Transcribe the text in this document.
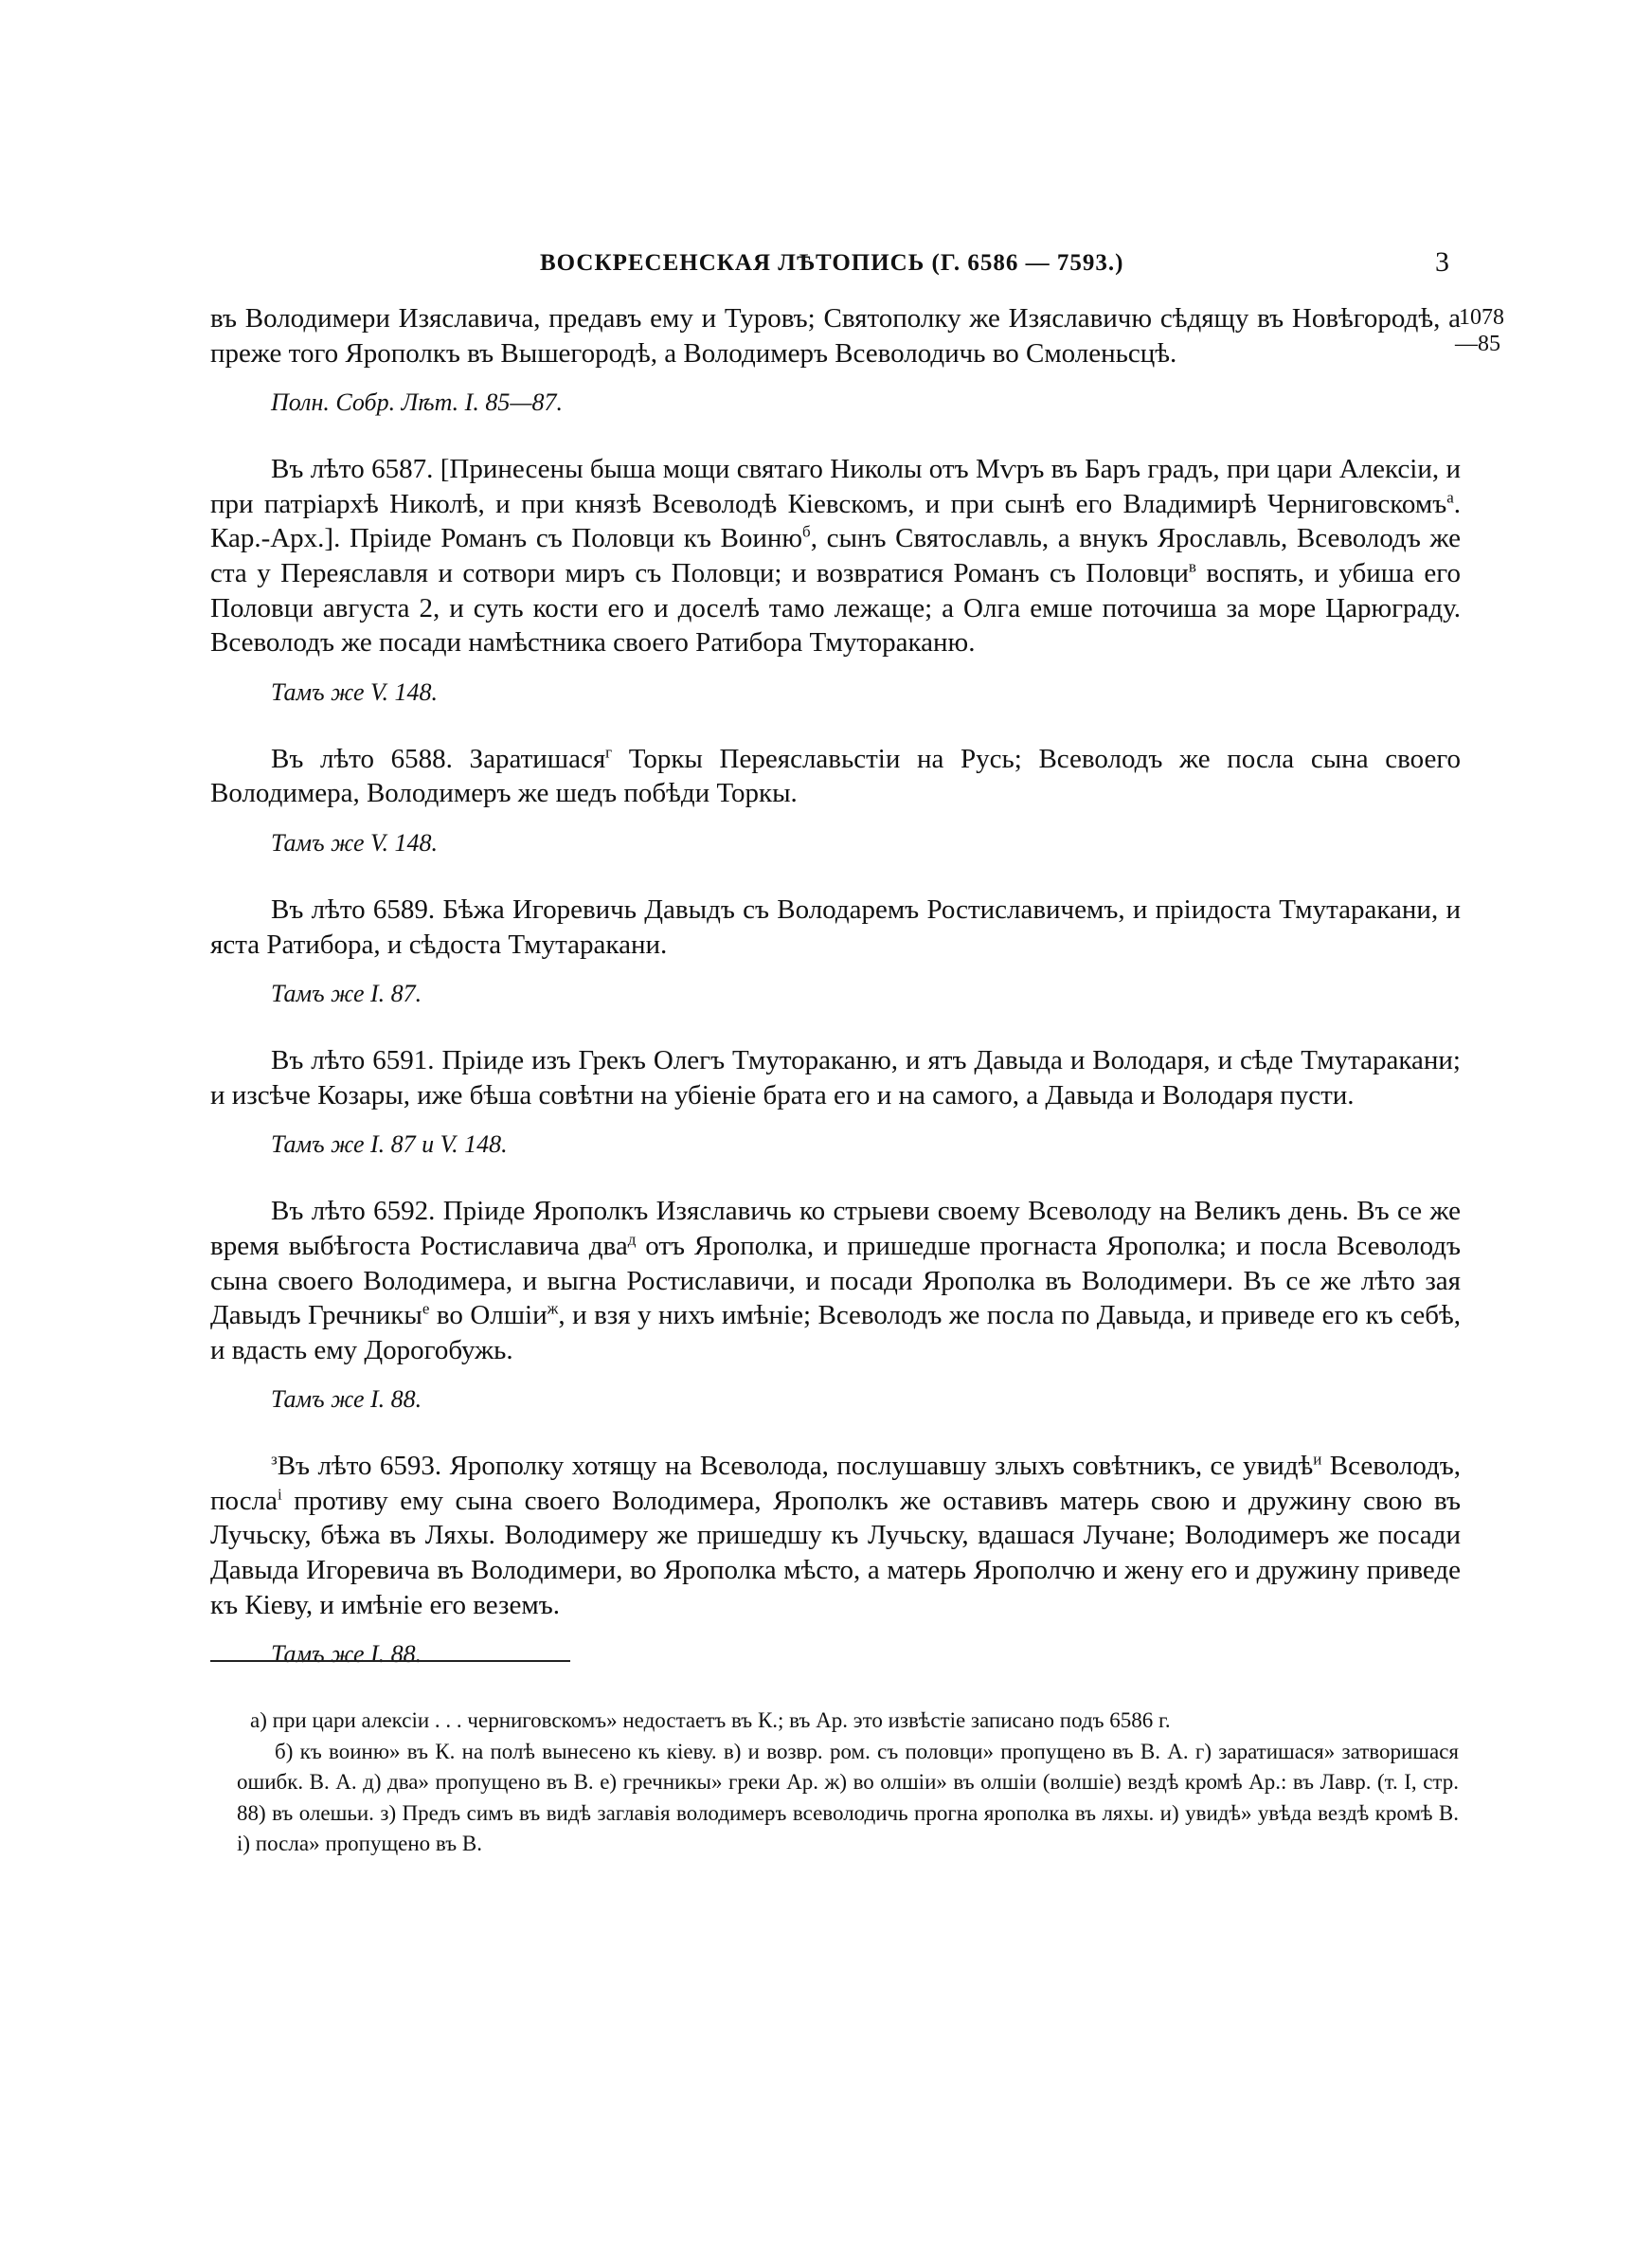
ВОСКРЕСЕНСКАЯ ЛѢТОПИСЬ (Г. 6586 — 7593.)	3
1078
—85

въ Володимери Изяславича, предавъ ему и Туровъ; Святополку же Изяславичю сѣдящу въ Новѣгородѣ, а преже того Ярополкъ въ Вышегородѣ, а Володимеръ Всеволодичь во Смоленьсцѣ.

Полн. Собр. Лѣт. I. 85—87.

Въ лѣто 6587. [Принесены быша мощи святаго Николы отъ Мѵръ въ Баръ градъ, при цари Алексіи, и при патріархѣ Николѣ, и при князѣ Всеволодѣ Кіевскомъ, и при сынѣ его Владимирѣ Черниговскомъ$^а$. Кар.-Арх.]. Пріиде Романъ съ Половци къ Воиню$^б$, сынъ Святославль, а внукъ Ярославль, Всеволодъ же ста у Переяславля и сотвори миръ съ Половци; и возвратися Романъ съ Половци$^в$ воспять, и убиша его Половци августа 2, и суть кости его и доселѣ тамо лежаще; а Олга емше поточиша за море Царюграду. Всеволодъ же посади намѣстника своего Ратибора Тмутораканю.

Тамъ же V. 148.

Въ лѣто 6588. Заратишася$^г$ Торкы Переяславьстіи на Русь; Всеволодъ же посла сына своего Володимера, Володимеръ же шедъ побѣди Торкы.

Тамъ же V. 148.

Въ лѣто 6589. Бѣжа Игоревичь Давыдъ съ Володаремъ Ростиславичемъ, и пріидоста Тмутаракани, и яста Ратибора, и сѣдоста Тмутаракани.

Тамъ же I. 87.

Въ лѣто 6591. Пріиде изъ Грекъ Олегъ Тмутораканю, и ятъ Давыда и Володаря, и сѣде Тмутаракани; и изсѣче Козары, иже бѣша совѣтни на убіеніе брата его и на самого, а Давыда и Володаря пусти.

Тамъ же I. 87 и V. 148.

Въ лѣто 6592. Пріиде Ярополкъ Изяславичь ко стрыеви своему Всеволоду на Великъ день. Въ се же время выбѣгоста Ростиславича два$^д$ отъ Ярополка, и пришедше прогнаста Ярополка; и посла Всеволодъ сына своего Володимера, и выгна Ростиславичи, и посади Ярополка въ Володимери. Въ се же лѣто зая Давыдъ Гречникы$^е$ во Олшіи$^ж$, и взя у нихъ имѣніе; Всеволодъ же посла по Давыда, и приведе его къ себѣ, и вдасть ему Дорогобужь.

Тамъ же I. 88.

$^з$Въ лѣто 6593. Ярополку хотящу на Всеволода, послушавшу злыхъ совѣтникъ, се увидѣ$^и$ Всеволодъ, посла$^і$ противу ему сына своего Володимера, Ярополкъ же оставивъ матерь свою и дружину свою въ Лучьску, бѣжа въ Ляхы. Володимеру же пришедшу къ Лучьску, вдашася Лучане; Володимеръ же посади Давыда Игоревича въ Володимери, во Ярополка мѣсто, а матерь Ярополчю и жену его и дружину приведе къ Кіеву, и имѣніе его веземъ.

Тамъ же I. 88.
а) при цари алексіи . . . черниговскомъ» недостаетъ въ К.; въ Ар. это извѣстіе записано подъ 6586 г.
б) къ воиню» въ К. на полѣ вынесено къ кіеву. в) и возвр. ром. съ половци» пропущено въ В. А. г) заратишася» затворишася ошибк. В. А. д) два» пропущено въ В. е) гречникы» греки Ар. ж) во олшіи» въ олшіи (волшіе) вездѣ кромѣ Ар.: въ Лавр. (т. I, стр. 88) въ олешьи. з) Предъ симъ въ видѣ заглавія володимеръ всеволодичь прогна ярополка въ ляхы. и) увидѣ» увѣда вездѣ кромѣ В. і) посла» пропущено въ В.
